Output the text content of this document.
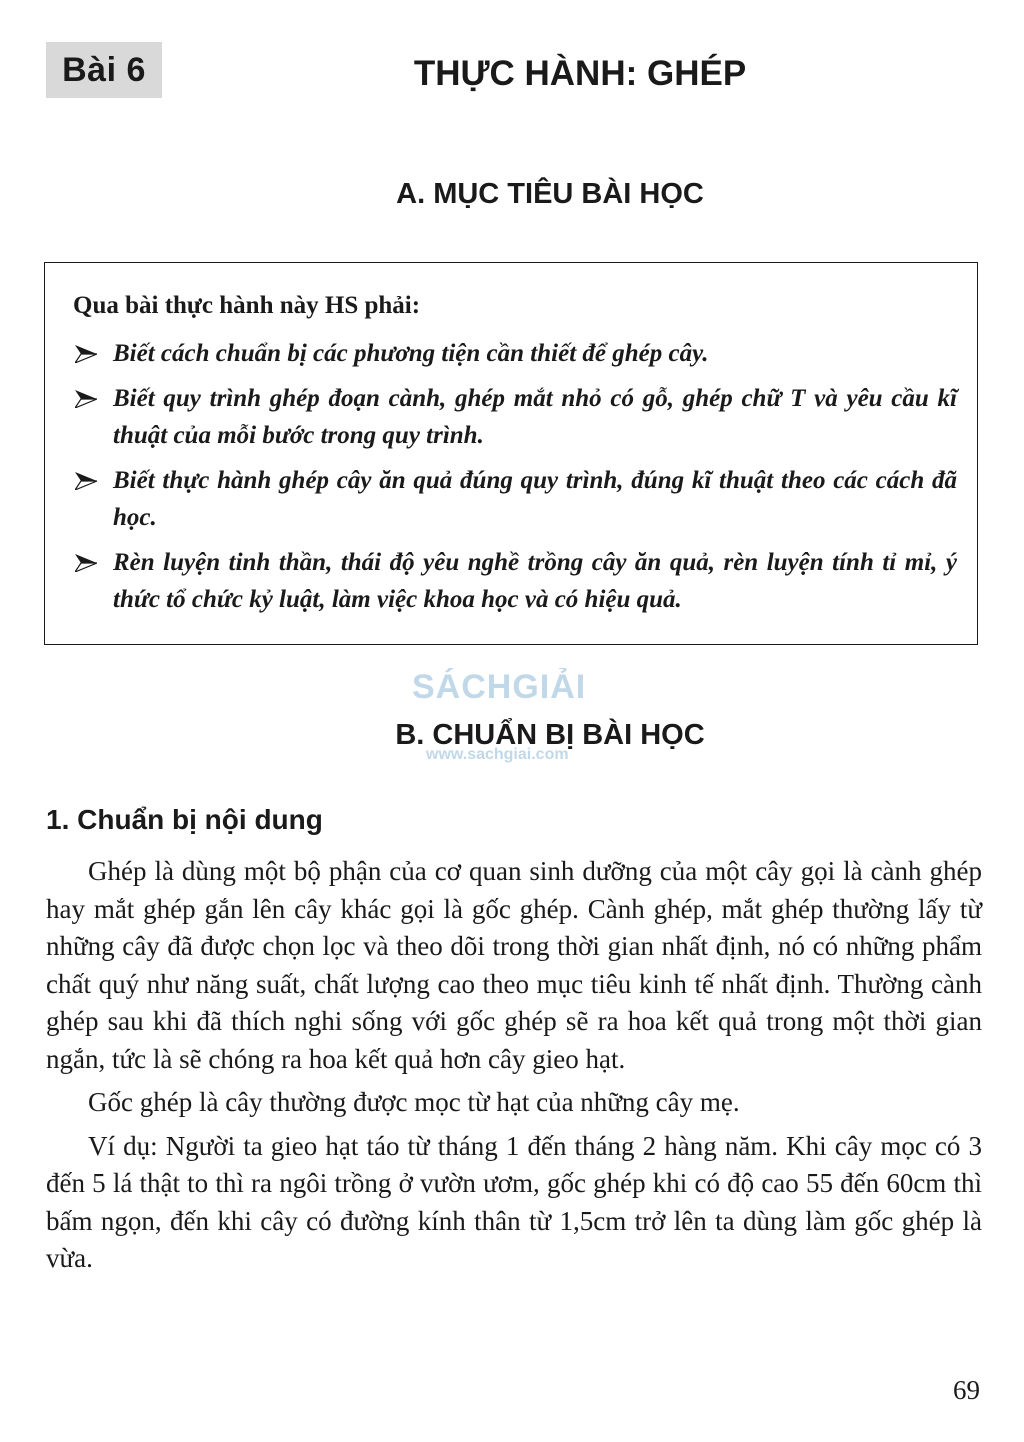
Bài 6	THỰC HÀNH: GHÉP
A. MỤC TIÊU BÀI HỌC
Qua bài thực hành này HS phải:
Biết cách chuẩn bị các phương tiện cần thiết để ghép cây.
Biết quy trình ghép đoạn cành, ghép mắt nhỏ có gỗ, ghép chữ T và yêu cầu kĩ thuật của mỗi bước trong quy trình.
Biết thực hành ghép cây ăn quả đúng quy trình, đúng kĩ thuật theo các cách đã học.
Rèn luyện tinh thần, thái độ yêu nghề trồng cây ăn quả, rèn luyện tính tỉ mỉ, ý thức tổ chức kỷ luật, làm việc khoa học và có hiệu quả.
SÁCHGIẢI
www.sachgiai.com
B. CHUẨN BỊ BÀI HỌC
1. Chuẩn bị nội dung

Ghép là dùng một bộ phận của cơ quan sinh dưỡng của một cây gọi là cành ghép hay mắt ghép gắn lên cây khác gọi là gốc ghép. Cành ghép, mắt ghép thường lấy từ những cây đã được chọn lọc và theo dõi trong thời gian nhất định, nó có những phẩm chất quý như năng suất, chất lượng cao theo mục tiêu kinh tế nhất định. Thường cành ghép sau khi đã thích nghi sống với gốc ghép sẽ ra hoa kết quả trong một thời gian ngắn, tức là sẽ chóng ra hoa kết quả hơn cây gieo hạt.

Gốc ghép là cây thường được mọc từ hạt của những cây mẹ.

Ví dụ: Người ta gieo hạt táo từ tháng 1 đến tháng 2 hàng năm. Khi cây mọc có 3 đến 5 lá thật to thì ra ngôi trồng ở vườn ươm, gốc ghép khi có độ cao 55 đến 60cm thì bấm ngọn, đến khi cây có đường kính thân từ 1,5cm trở lên ta dùng làm gốc ghép là vừa.

69
